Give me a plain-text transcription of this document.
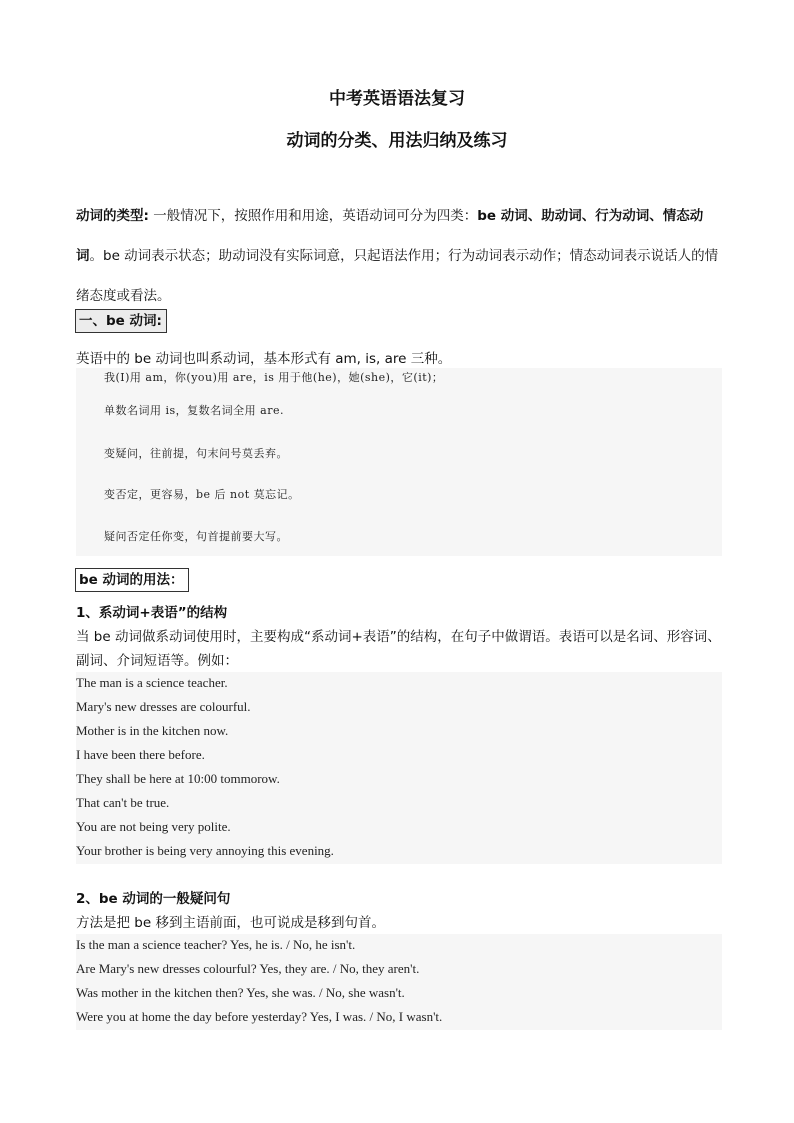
中考英语语法复习
动词的分类、用法归纳及练习

动词的类型: 一般情况下，按照作用和用途，英语动词可分为四类：be 动词、助动词、行为动词、情态动词。be 动词表示状态；助动词没有实际词意，只起语法作用；行为动词表示动作；情态动词表示说话人的情绪态度或看法。

一、be 动词:

英语中的 be 动词也叫系动词，基本形式有 am, is, are 三种。

我(I)用 am，你(you)用 are，is 用于他(he)，她(she)，它(it)；
单数名词用 is，复数名词全用 are.
变疑问，往前提，句末问号莫丢弃。
变否定，更容易，be 后 not 莫忘记。
疑问否定任你变，句首提前要大写。
be 动词的用法：
1、系动词+表语”的结构

当 be 动词做系动词使用时，主要构成“系动词+表语”的结构，在句子中做谓语。表语可以是名词、形容词、副词、介词短语等。例如：

The man is a science teacher.
Mary's new dresses are colourful.
Mother is in the kitchen now.
I have been there before.
They shall be here at 10:00 tommorow.
That can't be true.
You are not being very polite.
Your brother is being very annoying this evening.
2、be 动词的一般疑问句

方法是把 be 移到主语前面，也可说成是移到句首。

Is the man a science teacher? Yes, he is. / No, he isn't.
Are Mary's new dresses colourful? Yes, they are. / No, they aren't.
Was mother in the kitchen then? Yes, she was. / No, she wasn't.
Were you at home the day before yesterday? Yes, I was. / No, I wasn't.
